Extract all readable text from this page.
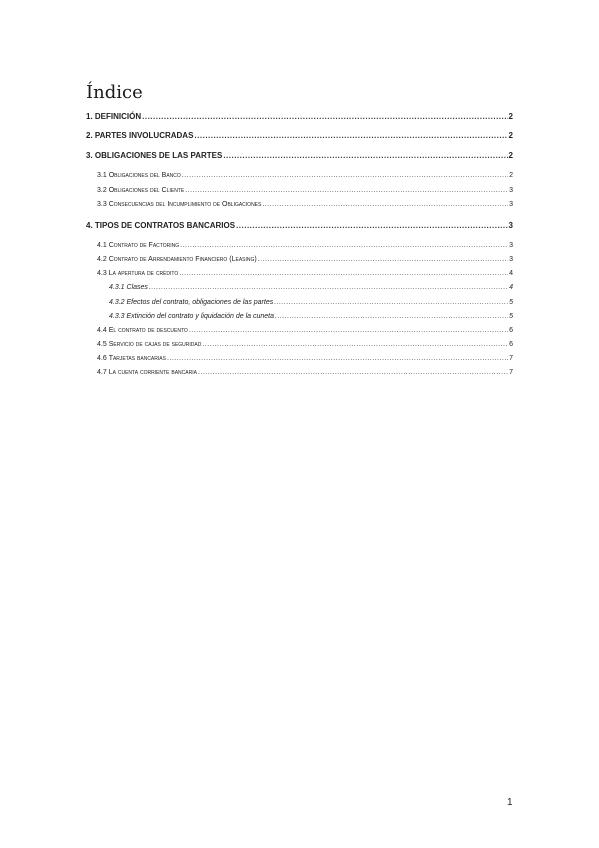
Índice
1. DEFINICIÓN .....	2
2. PARTES INVOLUCRADAS .....	2
3. OBLIGACIONES DE LAS PARTES .....	2
3.1 Obligaciones del Banco .....	2
3.2 Obligaciones del Cliente .....	3
3.3 Consecuencias del Incumplimiento de Obligaciones .....	3
4. TIPOS DE CONTRATOS BANCARIOS .....	3
4.1 Contrato de Factoring .....	3
4.2 Contrato de Arrendamiento Financiero (Leasing) .....	3
4.3 La apertura de crédito .....	4
4.3.1 Clases .....	4
4.3.2 Efectos del contrato, obligaciones de las partes .....	5
4.3.3 Extinción del contrato y liquidación de la cuneta .....	5
4.4 El contrato de descuento .....	6
4.5 Servicio de cajas de seguridad .....	6
4.6 Tarjetas bancarias .....	7
4.7 La cuenta corriente bancaria .....	7
1
